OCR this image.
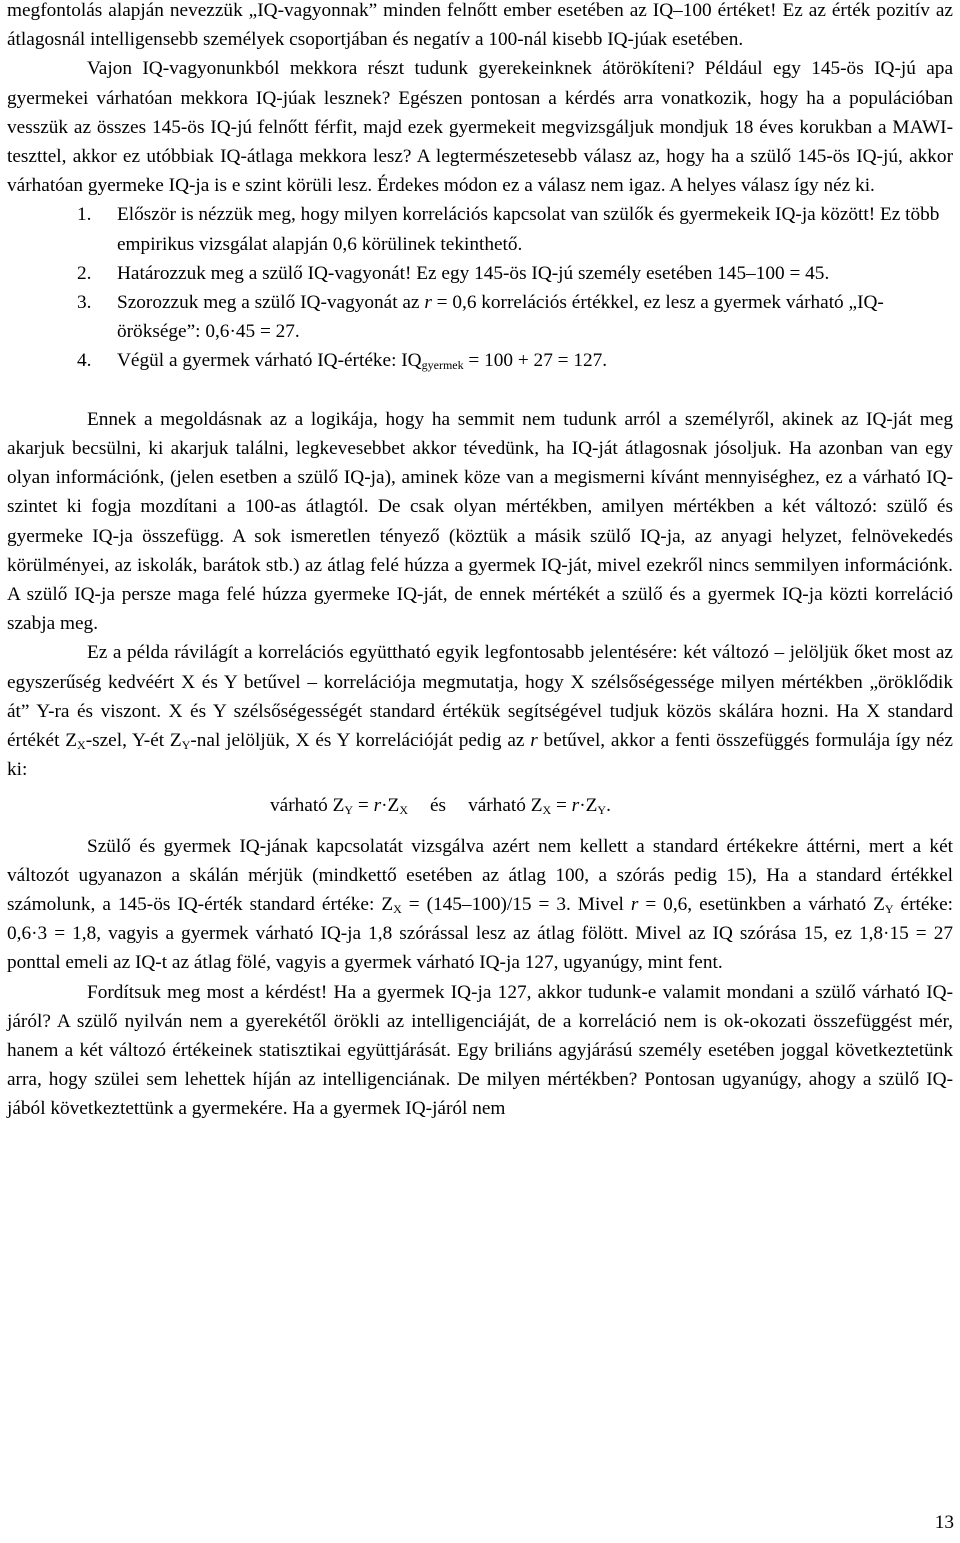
megfontolás alapján nevezzük „IQ-vagyonnak” minden felnőtt ember esetében az IQ–100 értéket! Ez az érték pozitív az átlagosnál intelligensebb személyek csoportjában és negatív a 100-nál kisebb IQ-júak esetében.

Vajon IQ-vagyonunkból mekkora részt tudunk gyerekeinknek átörökíteni? Például egy 145-ös IQ-jú apa gyermekei várhatóan mekkora IQ-júak lesznek? Egészen pontosan a kérdés arra vonatkozik, hogy ha a populációban vesszük az összes 145-ös IQ-jú felnőtt férfit, majd ezek gyermekeit megvizsgáljuk mondjuk 18 éves korukban a MAWI-teszttel, akkor ez utóbbiak IQ-átlaga mekkora lesz? A legtermészetesebb válasz az, hogy ha a szülő 145-ös IQ-jú, akkor várhatóan gyermeke IQ-ja is e szint körüli lesz. Érdekes módon ez a válasz nem igaz. A helyes válasz így néz ki.

1. Először is nézzük meg, hogy milyen korrelációs kapcsolat van szülők és gyermekeik IQ-ja között! Ez több empirikus vizsgálat alapján 0,6 körülinek tekinthető.
2. Határozzuk meg a szülő IQ-vagyonát! Ez egy 145-ös IQ-jú személy esetében 145–100 = 45.
3. Szorozzuk meg a szülő IQ-vagyonát az r = 0,6 korrelációs értékkel, ez lesz a gyermek várható „IQ-öröksége”: 0,6·45 = 27.
4. Végül a gyermek várható IQ-értéke: $IQ_{gyermek} = 100 + 27 = 127$.

Ennek a megoldásnak az a logikája, hogy ha semmit nem tudunk arról a személyről, akinek az IQ-ját meg akarjuk becsülni, ki akarjuk találni, legkevesebbet akkor tévedünk, ha IQ-ját átlagosnak jósoljuk. Ha azonban van egy olyan információnk, (jelen esetben a szülő IQ-ja), aminek köze van a megismerni kívánt mennyiséghez, ez a várható IQ-szintet ki fogja mozdítani a 100-as átlagtól. De csak olyan mértékben, amilyen mértékben a két változó: szülő és gyermeke IQ-ja összefügg. A sok ismeretlen tényező (köztük a másik szülő IQ-ja, az anyagi helyzet, felnövekedés körülményei, az iskolák, barátok stb.) az átlag felé húzza a gyermek IQ-ját, mivel ezekről nincs semmilyen információnk. A szülő IQ-ja persze maga felé húzza gyermeke IQ-ját, de ennek mértékét a szülő és a gyermek IQ-ja közti korreláció szabja meg.

Ez a példa rávilágít a korrelációs együttható egyik legfontosabb jelentésére: két változó – jelöljük őket most az egyszerűség kedvéért X és Y betűvel – korrelációja megmutatja, hogy X szélsőségessége milyen mértékben „öröklődik át” Y-ra és viszont. X és Y szélsőségességét standard értékük segítségével tudjuk közös skálára hozni. Ha X standard értékét $Z_X$-szel, Y-ét $Z_Y$-nal jelöljük, X és Y korrelációját pedig az r betűvel, akkor a fenti összefüggés formulája így néz ki:

várható $Z_Y = r\cdot Z_X$ és várható $Z_X = r\cdot Z_Y$.

Szülő és gyermek IQ-jának kapcsolatát vizsgálva azért nem kellett a standard értékekre áttérni, mert a két változót ugyanazon a skálán mérjük (mindkettő esetében az átlag 100, a szórás pedig 15), Ha a standard értékkel számolunk, a 145-ös IQ-érték standard értéke: $Z_X = (145-100)/15 = 3$. Mivel r = 0,6, esetünkben a várható $Z_Y$ értéke: 0,6·3 = 1,8, vagyis a gyermek várható IQ-ja 1,8 szórással lesz az átlag fölött. Mivel az IQ szórása 15, ez 1,8·15 = 27 ponttal emeli az IQ-t az átlag fölé, vagyis a gyermek várható IQ-ja 127, ugyanúgy, mint fent.

Fordítsuk meg most a kérdést! Ha a gyermek IQ-ja 127, akkor tudunk-e valamit mondani a szülő várható IQ-járól? A szülő nyilván nem a gyerekétől örökli az intelligenciáját, de a korreláció nem is ok-okozati összefüggést mér, hanem a két változó értékeinek statisztikai együttjárását. Egy briliáns agyjárású személy esetében joggal következtetünk arra, hogy szülei sem lehettek híján az intelligenciának. De milyen mértékben? Pontosan ugyanúgy, ahogy a szülő IQ-jából következtettünk a gyermekére. Ha a gyermek IQ-járól nem

13
